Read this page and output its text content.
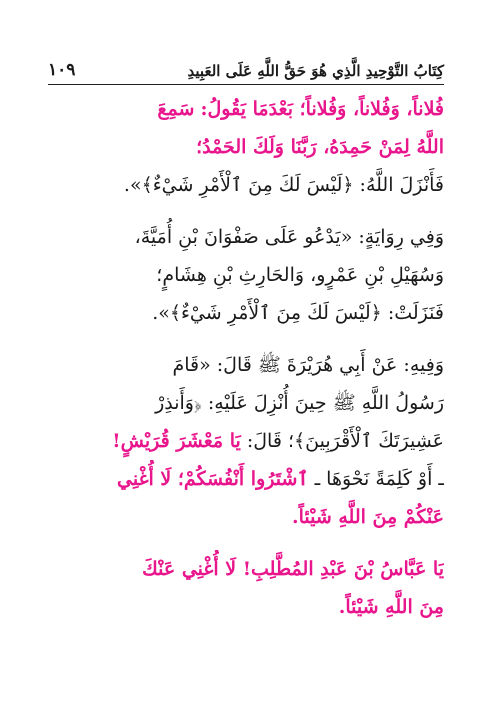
كِتَابُ التَّوْحِيدِ الَّذِي هُوَ حَقُّ اللَّهِ عَلَى العَبِيدِ
١٠٩
فُلاناً، وَفُلاناً، وَفُلاناً؛ بَعْدَمَا يَقُولُ: سَمِعَ
اللَّهُ لِمَنْ حَمِدَهُ، رَبَّنَا وَلَكَ الحَمْدُ؛
فَأَنْزَلَ اللَّهُ: ﴿لَيْسَ لَكَ مِنَ ٱلْأَمْرِ شَيْءٌ﴾».
وَفِي رِوَايَةٍ: «يَدْعُو عَلَى صَفْوَانَ بْنِ أُمَيَّةَ،
وَسُهَيْلِ بْنِ عَمْرٍو، وَالحَارِثِ بْنِ هِشَامٍ؛
فَنَزَلَتْ: ﴿لَيْسَ لَكَ مِنَ ٱلْأَمْرِ شَيْءٌ﴾».
وَفِيهِ: عَنْ أَبِي هُرَيْرَةَ ﷺ قَالَ: «قَامَ
رَسُولُ اللَّهِ ﷺ حِينَ أُنْزِلَ عَلَيْهِ: ﴿وَأَنذِرْ
عَشِيرَتَكَ ٱلْأَقْرَبِينَ﴾؛ قَالَ: يَا مَعْشَرَ قُرَيْشٍ!
ـ أَوْ كَلِمَةً نَحْوَهَا ـ ٱشْتَرُوا أَنْفُسَكُمْ؛ لَا أُغْنِي
عَنْكُمْ مِنَ اللَّهِ شَيْئاً.
يَا عَبَّاسُ بْنَ عَبْدِ المُطَّلِبِ! لَا أُغْنِي عَنْكَ
مِنَ اللَّهِ شَيْئاً.
